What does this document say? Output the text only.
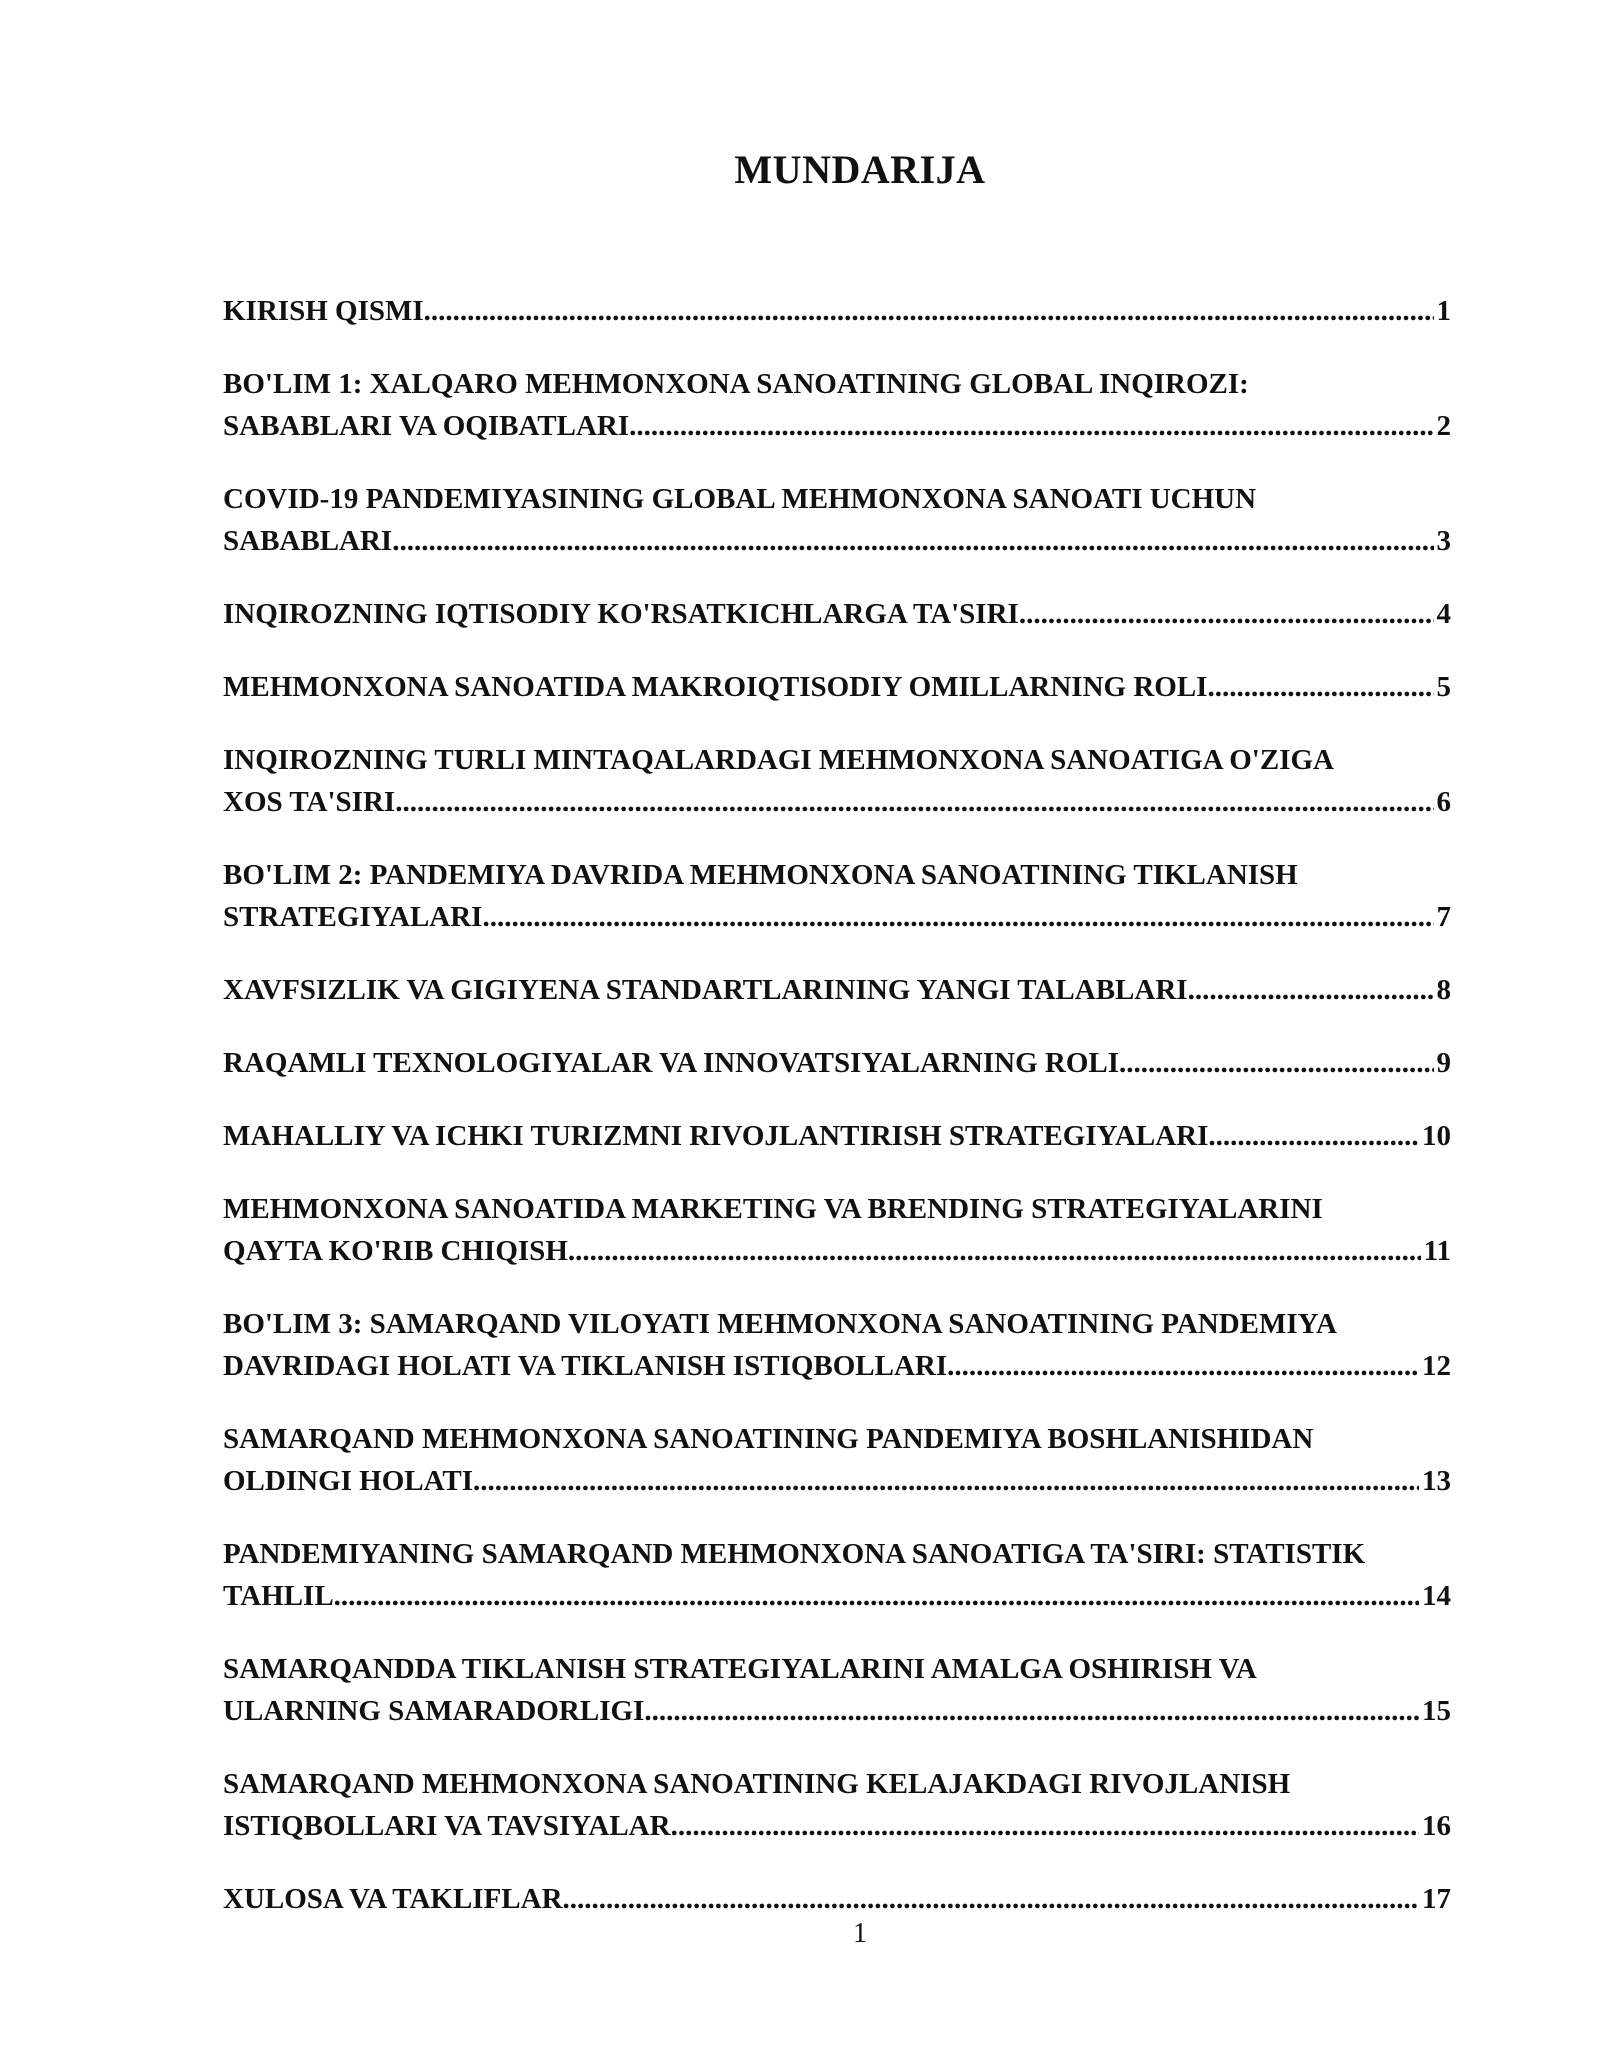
MUNDARIJA
KIRISH QISMI .....	1
BO'LIM 1: XALQARO MEHMONXONA SANOATINING GLOBAL INQIROZI:
SABABLARI VA OQIBATLARI .....	2
COVID-19 PANDEMIYASINING GLOBAL MEHMONXONA SANOATI UCHUN
SABABLARI .....	3
INQIROZNING IQTISODIY KO'RSATKICHLARGA TA'SIRI .....	4
MEHMONXONA SANOATIDA MAKROIQTISODIY OMILLARNING ROLI .....	5
INQIROZNING TURLI MINTAQALARDAGI MEHMONXONA SANOATIGA O'ZIGA
XOS TA'SIRI .....	6
BO'LIM 2: PANDEMIYA DAVRIDA MEHMONXONA SANOATINING TIKLANISH
STRATEGIYALARI .....	7
XAVFSIZLIK VA GIGIYENA STANDARTLARINING YANGI TALABLARI .....	8
RAQAMLI TEXNOLOGIYALAR VA INNOVATSIYALARNING ROLI .....	9
MAHALLIY VA ICHKI TURIZMNI RIVOJLANTIRISH STRATEGIYALARI .....	10
MEHMONXONA SANOATIDA MARKETING VA BRENDING STRATEGIYALARINI
QAYTA KO'RIB CHIQISH .....	11
BO'LIM 3: SAMARQAND VILOYATI MEHMONXONA SANOATINING PANDEMIYA
DAVRIDAGI HOLATI VA TIKLANISH ISTIQBOLLARI .....	12
SAMARQAND MEHMONXONA SANOATINING PANDEMIYA BOSHLANISHIDAN
OLDINGI HOLATI .....	13
PANDEMIYANING SAMARQAND MEHMONXONA SANOATIGA TA'SIRI: STATISTIK
TAHLIL .....	14
SAMARQANDDA TIKLANISH STRATEGIYALARINI AMALGA OSHIRISH VA
ULARNING SAMARADORLIGI .....	15
SAMARQAND MEHMONXONA SANOATINING KELAJAKDAGI RIVOJLANISH
ISTIQBOLLARI VA TAVSIYALAR .....	16
XULOSA VA TAKLIFLAR .....	17
1
